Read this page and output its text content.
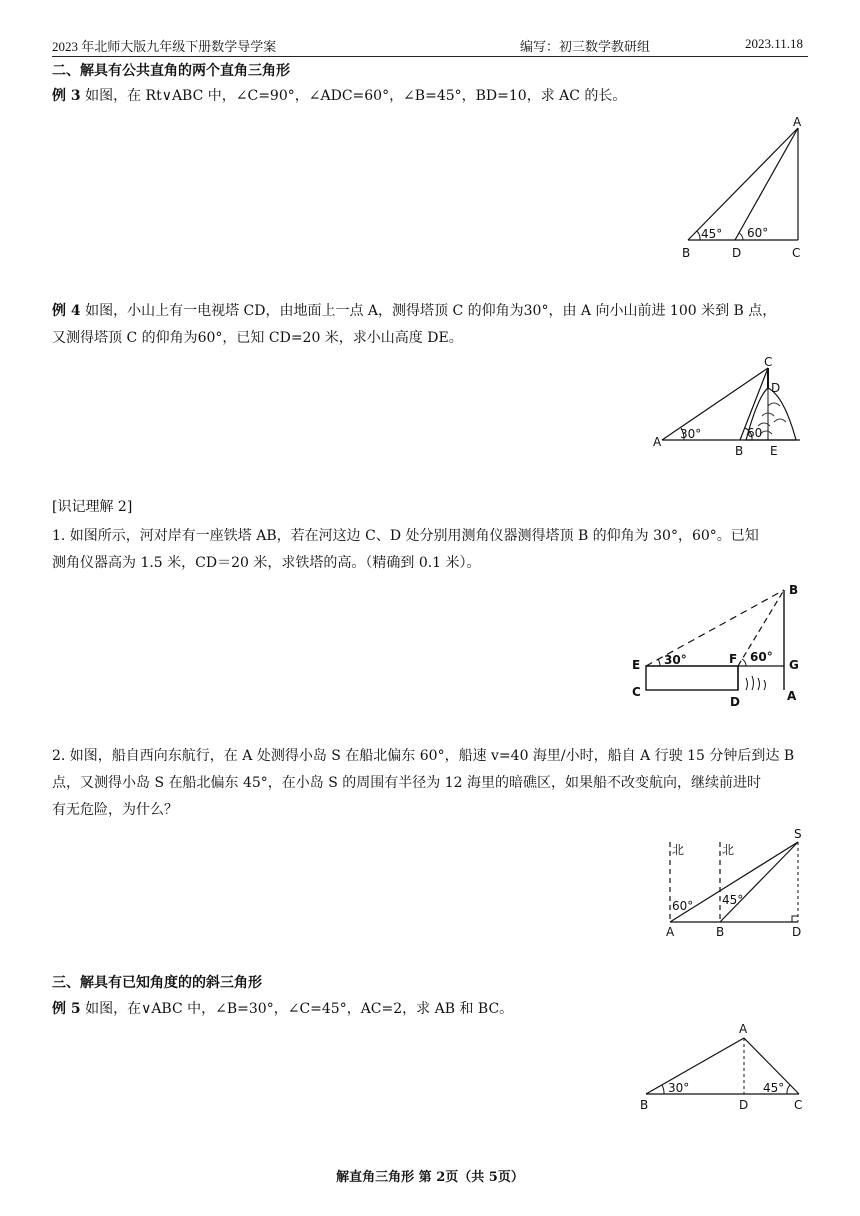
2023 年北师大版九年级下册数学导学案	编写：初三数学教研组	2023.11.18
二、解具有公共直角的两个直角三角形
例 3 如图，在 Rt∨ABC 中，∠C=90°，∠ADC=60°，∠B=45°，BD=10，求 AC 的长。
A
B	D	C
45° 60°
例 4 如图，小山上有一电视塔 CD，由地面上一点 A，测得塔顶 C 的仰角为30°，由 A 向小山前进 100 米到 B 点，
又测得塔顶 C 的仰角为60°，已知 CD=20 米，求小山高度 DE。
C
D
A
B E
30°	60
[识记理解 2]
1. 如图所示，河对岸有一座铁塔 AB，若在河这边 C、D 处分别用测角仪器测得塔顶 B 的仰角为 30°，60°。已知
测角仪器高为 1.5 米，CD＝20 米，求铁塔的高。（精确到 0.1 米）。
B
E	F	G
C
D	A
30°	60°
2. 如图，船自西向东航行，在 A 处测得小岛 S 在船北偏东 60°，船速 v=40 海里/小时，船自 A 行驶 15 分钟后到达 B
点，又测得小岛 S 在船北偏东 45°，在小岛 S 的周围有半径为 12 海里的暗礁区，如果船不改变航向，继续前进时
有无危险，为什么？
北	北
S
A	B	D
60° 45°
三、解具有已知角度的的斜三角形
例 5 如图，在∨ABC 中，∠B=30°，∠C=45°，AC=2，求 AB 和 BC。
A
B	D	C
30°	45°
解直角三角形 第 2页（共 5页）
